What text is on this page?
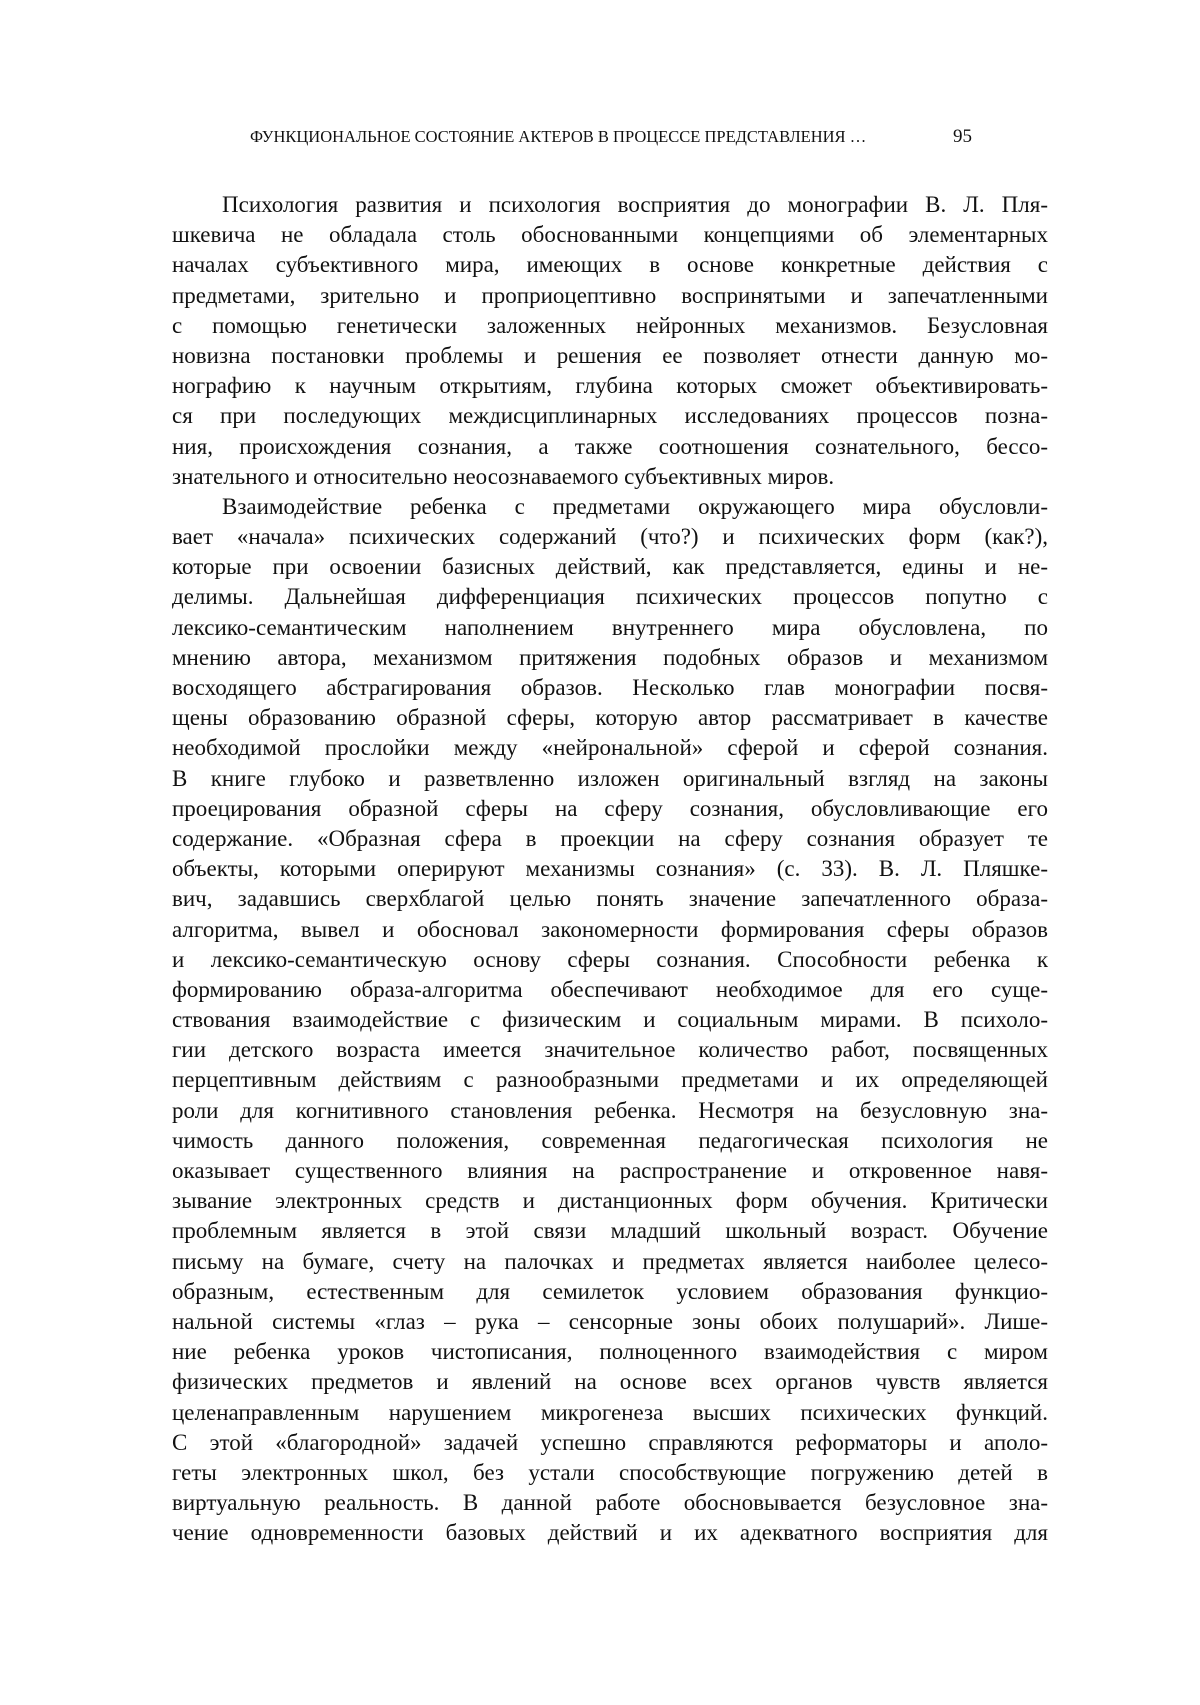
ФУНКЦИОНАЛЬНОЕ СОСТОЯНИЕ АКТЕРОВ В ПРОЦЕССЕ ПРЕДСТАВЛЕНИЯ …	95
Психология развития и психология восприятия до монографии В. Л. Пля-
шкевича не обладала столь обоснованными концепциями об элементарных
началах субъективного мира, имеющих в основе конкретные действия с
предметами, зрительно и проприоцептивно воспринятыми и запечатленными
с помощью генетически заложенных нейронных механизмов. Безусловная
новизна постановки проблемы и решения ее позволяет отнести данную мо-
нографию к научным открытиям, глубина которых сможет объективировать-
ся при последующих междисциплинарных исследованиях процессов позна-
ния, происхождения сознания, а также соотношения сознательного, бессо-
знательного и относительно неосознаваемого субъективных миров.
Взаимодействие ребенка с предметами окружающего мира обусловли-
вает «начала» психических содержаний (что?) и психических форм (как?),
которые при освоении базисных действий, как представляется, едины и не-
делимы. Дальнейшая дифференциация психических процессов попутно с
лексико-семантическим наполнением внутреннего мира обусловлена, по
мнению автора, механизмом притяжения подобных образов и механизмом
восходящего абстрагирования образов. Несколько глав монографии посвя-
щены образованию образной сферы, которую автор рассматривает в качестве
необходимой прослойки между «нейрональной» сферой и сферой сознания.
В книге глубоко и разветвленно изложен оригинальный взгляд на законы
проецирования образной сферы на сферу сознания, обусловливающие его
содержание. «Образная сфера в проекции на сферу сознания образует те
объекты, которыми оперируют механизмы сознания» (с. 33). В. Л. Пляшке-
вич, задавшись сверхблагой целью понять значение запечатленного образа-
алгоритма, вывел и обосновал закономерности формирования сферы образов
и лексико-семантическую основу сферы сознания. Способности ребенка к
формированию образа-алгоритма обеспечивают необходимое для его суще-
ствования взаимодействие с физическим и социальным мирами. В психоло-
гии детского возраста имеется значительное количество работ, посвященных
перцептивным действиям с разнообразными предметами и их определяющей
роли для когнитивного становления ребенка. Несмотря на безусловную зна-
чимость данного положения, современная педагогическая психология не
оказывает существенного влияния на распространение и откровенное навя-
зывание электронных средств и дистанционных форм обучения. Критически
проблемным является в этой связи младший школьный возраст. Обучение
письму на бумаге, счету на палочках и предметах является наиболее целесо-
образным, естественным для семилеток условием образования функцио-
нальной системы «глаз – рука – сенсорные зоны обоих полушарий». Лише-
ние ребенка уроков чистописания, полноценного взаимодействия с миром
физических предметов и явлений на основе всех органов чувств является
целенаправленным нарушением микрогенеза высших психических функций.
С этой «благородной» задачей успешно справляются реформаторы и аполо-
геты электронных школ, без устали способствующие погружению детей в
виртуальную реальность. В данной работе обосновывается безусловное зна-
чение одновременности базовых действий и их адекватного восприятия для
